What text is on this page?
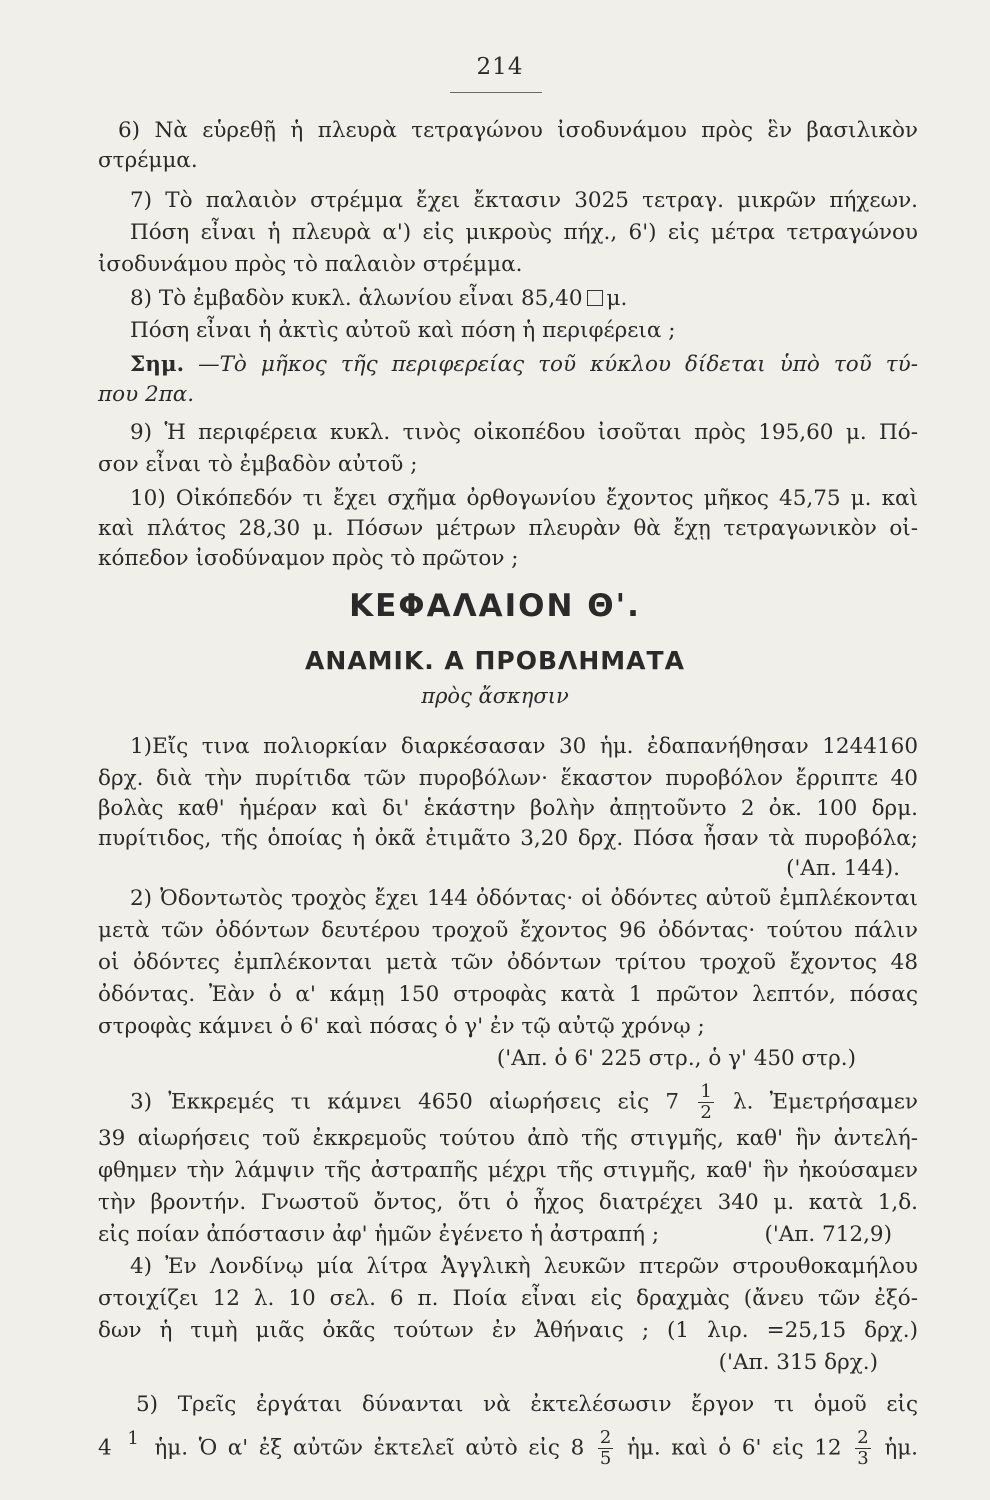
214
6) Νὰ εὑρεθῇ ἡ πλευρὰ τετραγώνου ἰσοδυνάμου πρὸς ἓν βασιλικὸν
στρέμμα.
7) Τὸ παλαιὸν στρέμμα ἔχει ἔκτασιν 3025 τετραγ. μικρῶν πήχεων.
Πόση εἶναι ἡ πλευρὰ α') εἰς μικροὺς πήχ., 6') εἰς μέτρα τετραγώνου
ἰσοδυνάμου πρὸς τὸ παλαιὸν στρέμμα.
8) Τὸ ἐμβαδὸν κυκλ. ἁλωνίου εἶναι 85,40 μ.
Πόση εἶναι ἡ ἀκτὶς αὐτοῦ καὶ πόση ἡ περιφέρεια ;
Σημ. —Τὸ μῆκος τῆς περιφερείας τοῦ κύκλου δίδεται ὑπὸ τοῦ τύ-
που 2πα.
9) Ἡ περιφέρεια κυκλ. τινὸς οἰκοπέδου ἰσοῦται πρὸς 195,60 μ. Πό-
σον εἶναι τὸ ἐμβαδὸν αὐτοῦ ;
10) Οἰκόπεδόν τι ἔχει σχῆμα ὀρθογωνίου ἔχοντος μῆκος 45,75 μ. καὶ
καὶ πλάτος 28,30 μ. Πόσων μέτρων πλευρὰν θὰ ἔχῃ τετραγωνικὸν οἰ-
κόπεδον ἰσοδύναμον πρὸς τὸ πρῶτον ;
ΚΕΦΑΛΑΙΟΝ Θ'.
ΑΝΑΜΙΚ. Α ΠΡΟΒΛΗΜΑΤΑ
πρὸς ἄσκησιν
1)Εἴς τινα πολιορκίαν διαρκέσασαν 30 ἡμ. ἐδαπανήθησαν 1244160
δρχ. διὰ τὴν πυρίτιδα τῶν πυροβόλων· ἕκαστον πυροβόλον ἔρριπτε 40
βολὰς καθ' ἡμέραν καὶ δι' ἑκάστην βολὴν ἀπῃτοῦντο 2 ὀκ. 100 δρμ.
πυρίτιδος, τῆς ὁποίας ἡ ὀκᾶ ἐτιμᾶτο 3,20 δρχ. Πόσα ἦσαν τὰ πυροβόλα;
('Απ. 144).
2) Ὀδοντωτὸς τροχὸς ἔχει 144 ὀδόντας· οἱ ὀδόντες αὐτοῦ ἐμπλέκονται
μετὰ τῶν ὀδόντων δευτέρου τροχοῦ ἔχοντος 96 ὀδόντας· τούτου πάλιν
οἱ ὀδόντες ἐμπλέκονται μετὰ τῶν ὀδόντων τρίτου τροχοῦ ἔχοντος 48
ὀδόντας. Ἐὰν ὁ α' κάμῃ 150 στροφὰς κατὰ 1 πρῶτον λεπτόν, πόσας
στροφὰς κάμνει ὁ 6' καὶ πόσας ὁ γ' ἐν τῷ αὐτῷ χρόνῳ ;
('Απ. ὁ 6' 225 στρ., ὁ γ' 450 στρ.)
3) Ἐκκρεμές τι κάμνει 4650 αἰωρήσεις εἰς $7 \frac{1}{2} \lambda$. Ἐμετρήσαμεν
39 αἰωρήσεις τοῦ ἐκκρεμοῦς τούτου ἀπὸ τῆς στιγμῆς, καθ' ἣν ἀντελή-
φθημεν τὴν λάμψιν τῆς ἀστραπῆς μέχρι τῆς στιγμῆς, καθ' ἣν ἠκούσαμεν
τὴν βροντήν. Γνωστοῦ ὄντος, ὅτι ὁ ἦχος διατρέχει 340 μ. κατὰ 1,δ.
εἰς ποίαν ἀπόστασιν ἀφ' ἡμῶν ἐγένετο ἡ ἀστραπή ;	('Απ. 712,9)
4) Ἐν Λονδίνῳ μία λίτρα Ἀγγλικὴ λευκῶν πτερῶν στρουθοκαμήλου
στοιχίζει 12 λ. 10 σελ. 6 π. Ποία εἶναι εἰς δραχμὰς (ἄνευ τῶν ἐξό-
δων ἡ τιμὴ μιᾶς ὀκᾶς τούτων ἐν Ἀθήναις ; (1 λιρ. =25,15 δρχ.)
('Απ. 315 δρχ.)
5) Τρεῖς ἐργάται δύνανται νὰ ἐκτελέσωσιν ἔργον τι ὁμοῦ εἰς
4 1
ἡμ. Ὁ α' ἐξ αὐτῶν ἐκτελεῖ αὐτὸ εἰς $8 \frac{2}{5}$ ἡμ. καὶ ὁ 6' εἰς $12 \frac{2}{3}$ ἡμ.
